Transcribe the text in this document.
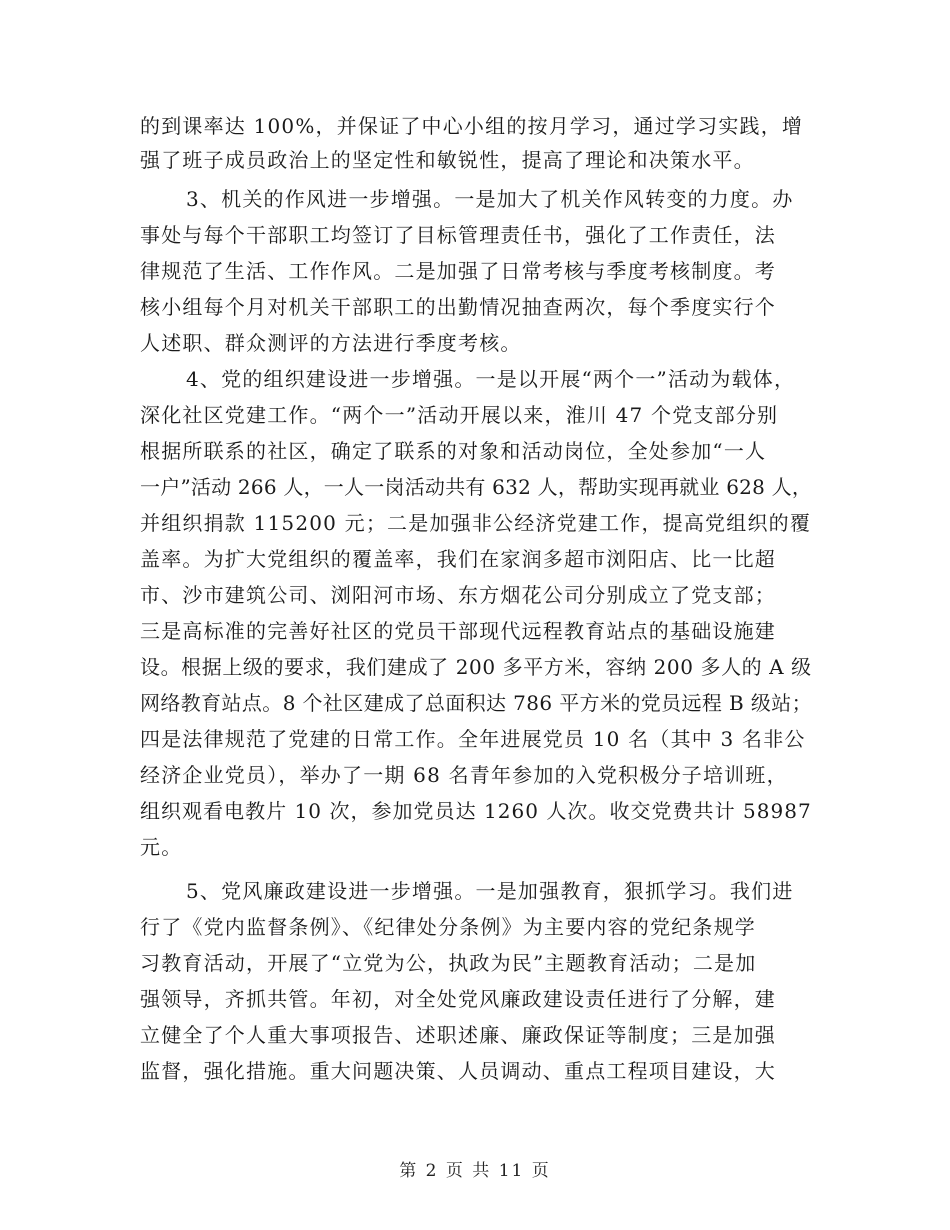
的到课率达 100%，并保证了中心小组的按月学习，通过学习实践，增
强了班子成员政治上的坚定性和敏锐性，提高了理论和决策水平。
3、机关的作风进一步增强。一是加大了机关作风转变的力度。办
事处与每个干部职工均签订了目标管理责任书，强化了工作责任，法
律规范了生活、工作作风。二是加强了日常考核与季度考核制度。考
核小组每个月对机关干部职工的出勤情况抽查两次，每个季度实行个
人述职、群众测评的方法进行季度考核。
4、党的组织建设进一步增强。一是以开展“两个一”活动为载体，
深化社区党建工作。“两个一”活动开展以来，淮川 47 个党支部分别
根据所联系的社区，确定了联系的对象和活动岗位，全处参加“一人
一户”活动 266 人，一人一岗活动共有 632 人，帮助实现再就业 628 人，
并组织捐款 115200 元；二是加强非公经济党建工作，提高党组织的覆
盖率。为扩大党组织的覆盖率，我们在家润多超市浏阳店、比一比超
市、沙市建筑公司、浏阳河市场、东方烟花公司分别成立了党支部；
三是高标准的完善好社区的党员干部现代远程教育站点的基础设施建
设。根据上级的要求，我们建成了 200 多平方米，容纳 200 多人的 A 级
网络教育站点。8 个社区建成了总面积达 786 平方米的党员远程 B 级站；
四是法律规范了党建的日常工作。全年进展党员 10 名（其中 3 名非公
经济企业党员），举办了一期 68 名青年参加的入党积极分子培训班，
组织观看电教片 10 次，参加党员达 1260 人次。收交党费共计 58987
元。
5、党风廉政建设进一步增强。一是加强教育，狠抓学习。我们进
行了《党内监督条例》、《纪律处分条例》为主要内容的党纪条规学
习教育活动，开展了“立党为公，执政为民”主题教育活动；二是加
强领导，齐抓共管。年初，对全处党风廉政建设责任进行了分解，建
立健全了个人重大事项报告、述职述廉、廉政保证等制度；三是加强
监督，强化措施。重大问题决策、人员调动、重点工程项目建设，大
第 2 页 共 11 页
